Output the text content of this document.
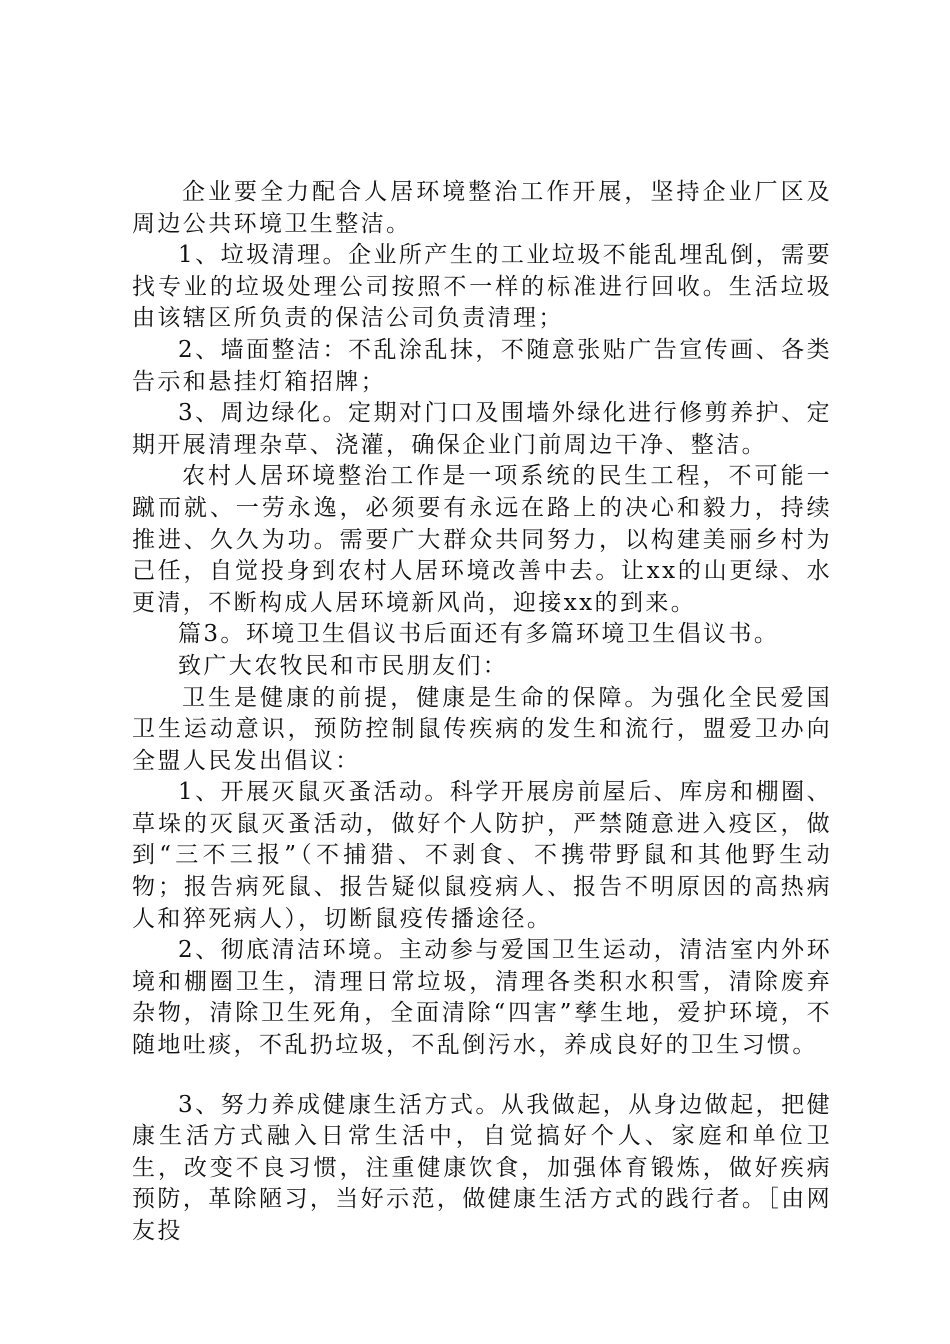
企业要全力配合人居环境整治工作开展，坚持企业厂区及周边公共环境卫生整洁。

1、垃圾清理。企业所产生的工业垃圾不能乱埋乱倒，需要找专业的垃圾处理公司按照不一样的标准进行回收。生活垃圾由该辖区所负责的保洁公司负责清理；

2、墙面整洁：不乱涂乱抹，不随意张贴广告宣传画、各类告示和悬挂灯箱招牌；

3、周边绿化。定期对门口及围墙外绿化进行修剪养护、定期开展清理杂草、浇灌，确保企业门前周边干净、整洁。

农村人居环境整治工作是一项系统的民生工程，不可能一蹴而就、一劳永逸，必须要有永远在路上的决心和毅力，持续推进、久久为功。需要广大群众共同努力，以构建美丽乡村为己任，自觉投身到农村人居环境改善中去。让xx的山更绿、水更清，不断构成人居环境新风尚，迎接xx的到来。

篇3。环境卫生倡议书后面还有多篇环境卫生倡议书。

致广大农牧民和市民朋友们：

卫生是健康的前提，健康是生命的保障。为强化全民爱国卫生运动意识，预防控制鼠传疾病的发生和流行，盟爱卫办向全盟人民发出倡议：

1、开展灭鼠灭蚤活动。科学开展房前屋后、库房和棚圈、草垛的灭鼠灭蚤活动，做好个人防护，严禁随意进入疫区，做到“三不三报”（不捕猎、不剥食、不携带野鼠和其他野生动物；报告病死鼠、报告疑似鼠疫病人、报告不明原因的高热病人和猝死病人），切断鼠疫传播途径。

2、彻底清洁环境。主动参与爱国卫生运动，清洁室内外环境和棚圈卫生，清理日常垃圾，清理各类积水积雪，清除废弃杂物，清除卫生死角，全面清除“四害”孳生地，爱护环境，不随地吐痰，不乱扔垃圾，不乱倒污水，养成良好的卫生习惯。

3、努力养成健康生活方式。从我做起，从身边做起，把健康生活方式融入日常生活中，自觉搞好个人、家庭和单位卫生，改变不良习惯，注重健康饮食，加强体育锻炼，做好疾病预防，革除陋习，当好示范，做健康生活方式的践行者。［由网友投
